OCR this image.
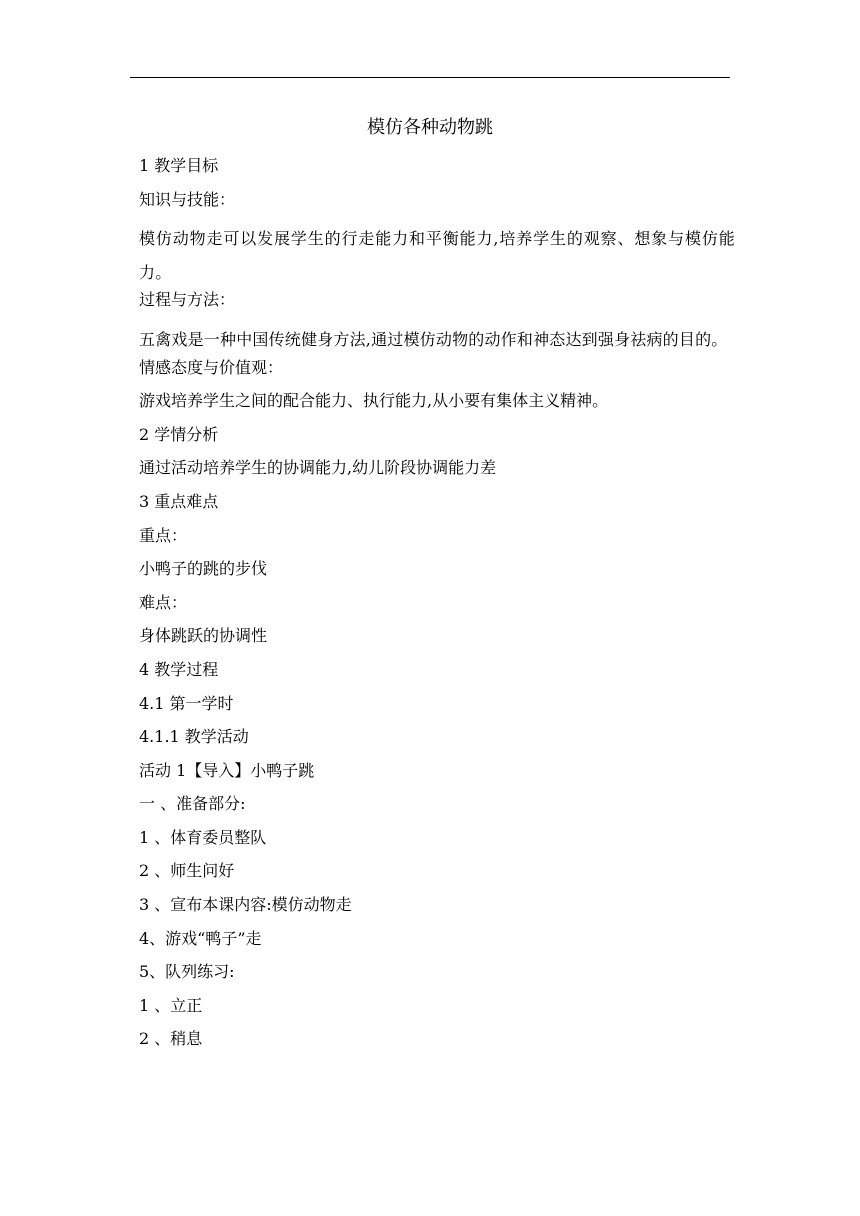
模仿各种动物跳

1 教学目标

知识与技能：

模仿动物走可以发展学生的行走能力和平衡能力,培养学生的观察、想象与模仿能力。

过程与方法：

五禽戏是一种中国传统健身方法,通过模仿动物的动作和神态达到强身祛病的目的。

情感态度与价值观：

游戏培养学生之间的配合能力、执行能力,从小要有集体主义精神。

2 学情分析

通过活动培养学生的协调能力,幼儿阶段协调能力差

3 重点难点

重点：

小鸭子的跳的步伐

难点：

身体跳跃的协调性

4 教学过程

4.1 第一学时

4.1.1 教学活动

活动 1【导入】小鸭子跳

一 、准备部分:

1 、体育委员整队

2 、师生问好

3 、宣布本课内容:模仿动物走

4、游戏“鸭子”走

5、队列练习:

1 、立正

2 、稍息
